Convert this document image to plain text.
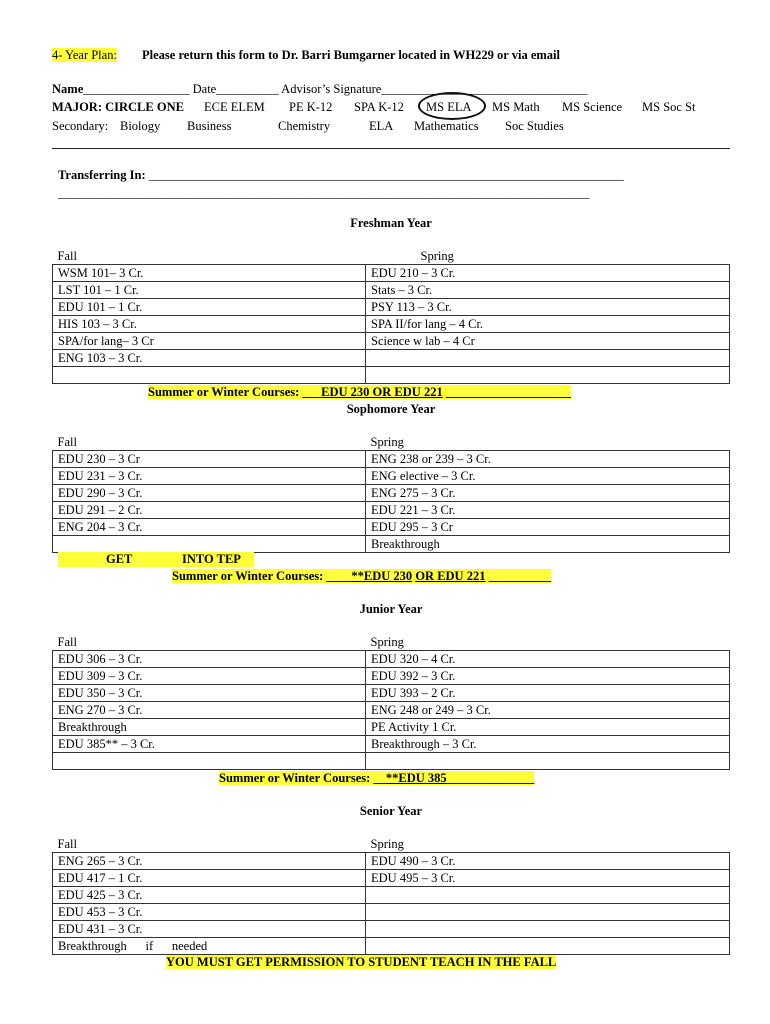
4- Year Plan: Please return this form to Dr. Barri Bumgarner located in WH229 or via email
Name_________________ Date__________ Advisor’s Signature_________________________________
MAJOR: CIRCLE ONE ECE ELEM PE K-12 SPA K-12 MS ELA MS Math MS Science MS Soc St
Secondary: Biology Business	Chemistry	ELA Mathematics Soc Studies
Transferring In: ____________________________________________________________________________
_____________________________________________________________________________________
Freshman Year
Fall	Spring
WSM 101– 3 Cr.	EDU 210 – 3 Cr.
LST 101 – 1 Cr.	Stats – 3 Cr.
EDU 101 – 1 Cr.	PSY 113 – 3 Cr.
HIS 103 – 3 Cr.	SPA II/for lang – 4 Cr.
SPA/for lang– 3 Cr	Science w lab – 4 Cr
ENG 103 – 3 Cr.	

Summer or Winter Courses: ___EDU 230 OR EDU 221 ____________________
Sophomore Year
Fall	Spring
EDU 230 – 3 Cr	ENG 238 or 239 – 3 Cr.
EDU 231 – 3 Cr.	ENG elective – 3 Cr.
EDU 290 – 3 Cr.	ENG 275 – 3 Cr.
EDU 291 – 2 Cr.	EDU 221 – 3 Cr.
ENG 204 – 3 Cr.	EDU 295 – 3 Cr
	Breakthrough
GET	INTO TEP
Summer or Winter Courses: ____**EDU 230 OR EDU 221 __________
Junior Year
Fall	Spring
EDU 306 – 3 Cr.	EDU 320 – 4 Cr.
EDU 309 – 3 Cr.	EDU 392 – 3 Cr.
EDU 350 – 3 Cr.	EDU 393 – 2 Cr.
ENG 270 – 3 Cr.	ENG 248 or 249 – 3 Cr.
Breakthrough	PE Activity 1 Cr.
EDU 385** – 3 Cr.	Breakthrough – 3 Cr.

Summer or Winter Courses: __**EDU 385______________
Senior Year
Fall	Spring
ENG 265 – 3 Cr.	EDU 490 – 3 Cr.
EDU 417 – 1 Cr.	EDU 495 – 3 Cr.
EDU 425 – 3 Cr.	
EDU 453 – 3 Cr.	
EDU 431 – 3 Cr.	
Breakthrough      if      needed	
YOU MUST GET PERMISSION TO STUDENT TEACH IN THE FALL
